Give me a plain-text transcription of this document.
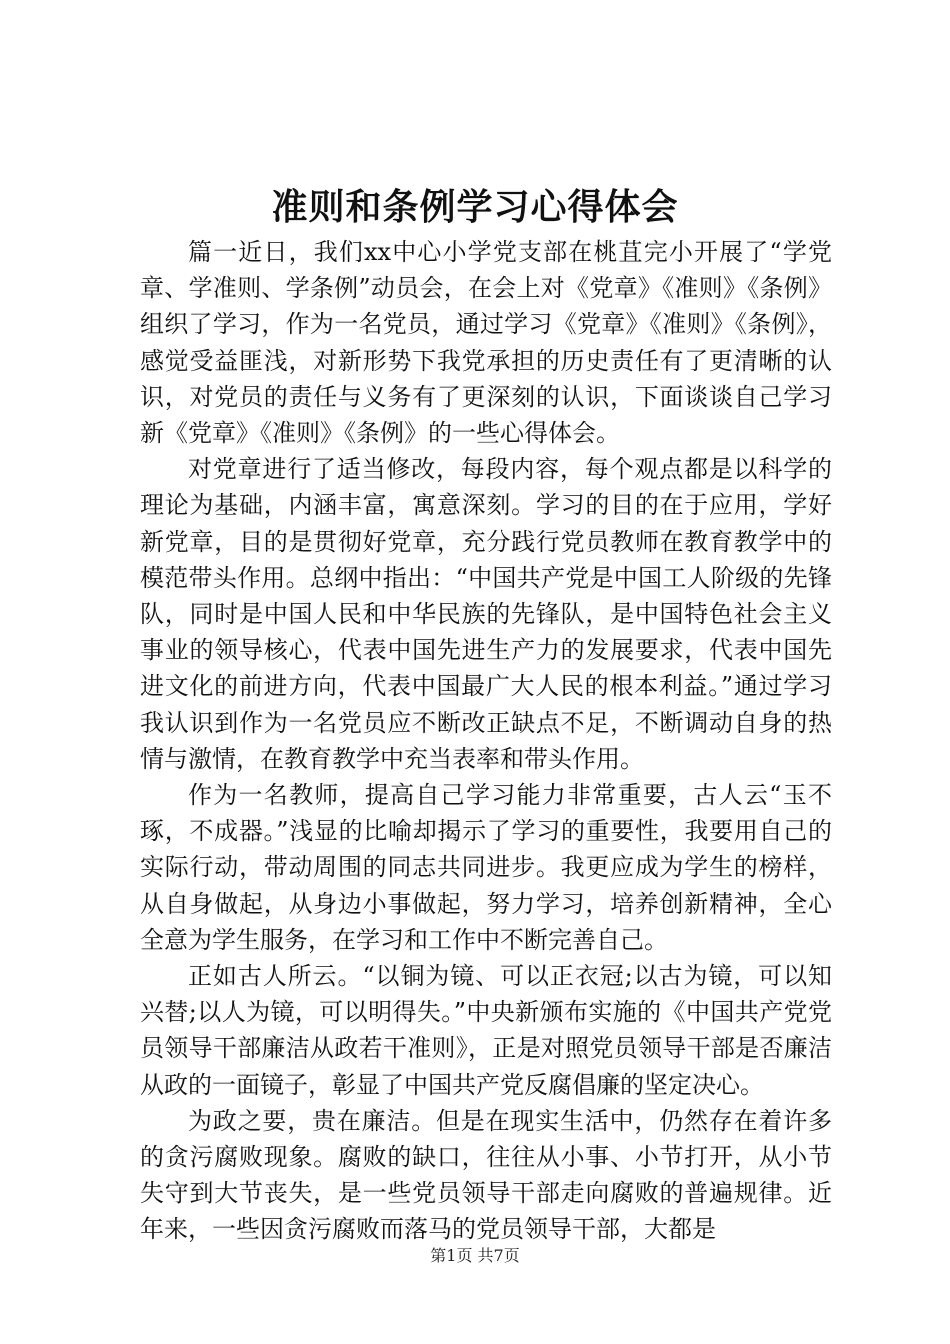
准则和条例学习心得体会

篇一近日，我们xx中心小学党支部在桃苴完小开展了“学党章、学准则、学条例”动员会，在会上对《党章》《准则》《条例》组织了学习，作为一名党员，通过学习《党章》《准则》《条例》，感觉受益匪浅，对新形势下我党承担的历史责任有了更清晰的认识，对党员的责任与义务有了更深刻的认识，下面谈谈自己学习新《党章》《准则》《条例》的一些心得体会。

对党章进行了适当修改，每段内容，每个观点都是以科学的理论为基础，内涵丰富，寓意深刻。学习的目的在于应用，学好新党章，目的是贯彻好党章，充分践行党员教师在教育教学中的模范带头作用。总纲中指出：“中国共产党是中国工人阶级的先锋队，同时是中国人民和中华民族的先锋队，是中国特色社会主义事业的领导核心，代表中国先进生产力的发展要求，代表中国先进文化的前进方向，代表中国最广大人民的根本利益。”通过学习我认识到作为一名党员应不断改正缺点不足，不断调动自身的热情与激情，在教育教学中充当表率和带头作用。

作为一名教师，提高自己学习能力非常重要，古人云“玉不琢，不成器。”浅显的比喻却揭示了学习的重要性，我要用自己的实际行动，带动周围的同志共同进步。我更应成为学生的榜样，从自身做起，从身边小事做起，努力学习，培养创新精神，全心全意为学生服务，在学习和工作中不断完善自己。

正如古人所云。“以铜为镜、可以正衣冠;以古为镜，可以知兴替;以人为镜，可以明得失。”中央新颁布实施的《中国共产党党员领导干部廉洁从政若干准则》，正是对照党员领导干部是否廉洁从政的一面镜子，彰显了中国共产党反腐倡廉的坚定决心。

为政之要，贵在廉洁。但是在现实生活中，仍然存在着许多的贪污腐败现象。腐败的缺口，往往从小事、小节打开，从小节失守到大节丧失，是一些党员领导干部走向腐败的普遍规律。近年来，一些因贪污腐败而落马的党员领导干部，大都是

第1页 共7页
